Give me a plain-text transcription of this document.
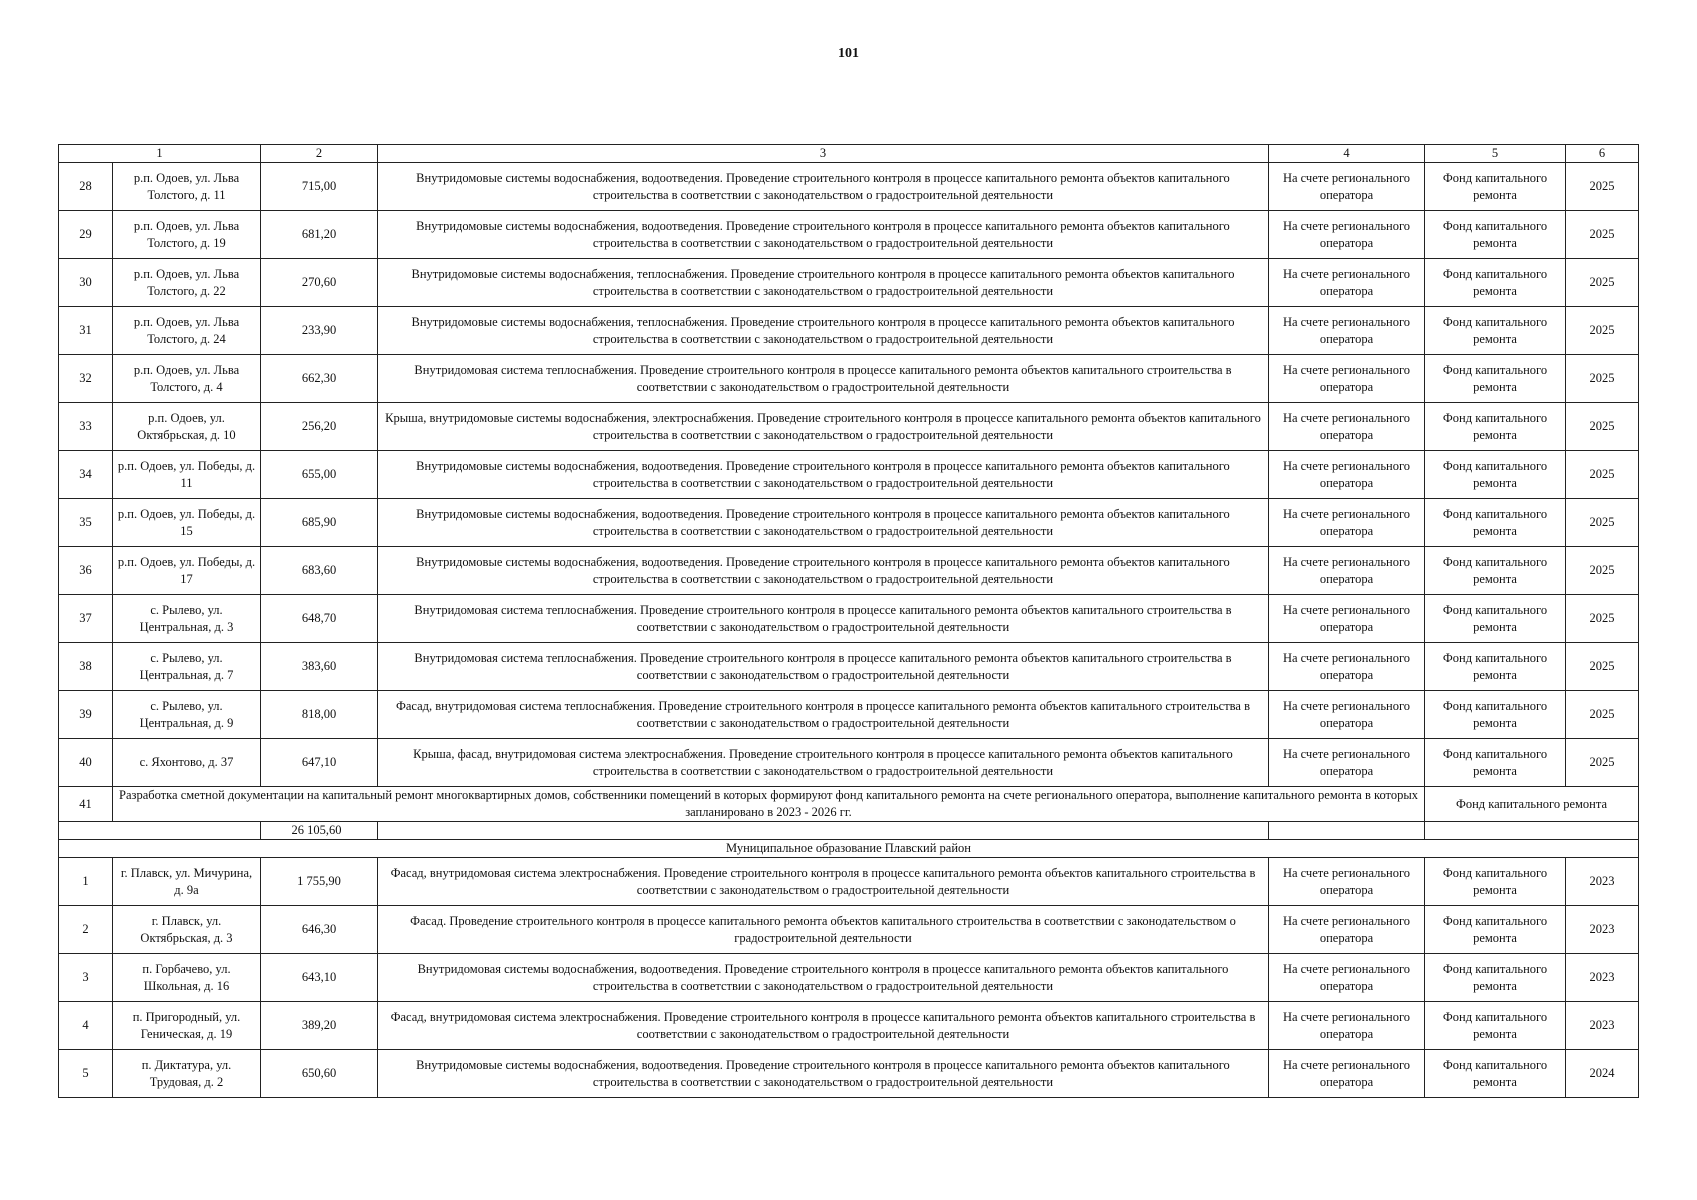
101
1		2	3	4	5	6
28	р.п. Одоев, ул. Льва Толстого, д. 11	715,00	Внутридомовые системы водоснабжения, водоотведения. Проведение строительного контроля в процессе капитального ремонта объектов капитального строительства в соответствии с законодательством о градостроительной деятельности	На счете регионального оператора	Фонд капитального ремонта	2025
29	р.п. Одоев, ул. Льва Толстого, д. 19	681,20	Внутридомовые системы водоснабжения, водоотведения. Проведение строительного контроля в процессе капитального ремонта объектов капитального строительства в соответствии с законодательством о градостроительной деятельности	На счете регионального оператора	Фонд капитального ремонта	2025
30	р.п. Одоев, ул. Льва Толстого, д. 22	270,60	Внутридомовые системы водоснабжения, теплоснабжения. Проведение строительного контроля в процессе капитального ремонта объектов капитального строительства в соответствии с законодательством о градостроительной деятельности	На счете регионального оператора	Фонд капитального ремонта	2025
31	р.п. Одоев, ул. Льва Толстого, д. 24	233,90	Внутридомовые системы водоснабжения, теплоснабжения. Проведение строительного контроля в процессе капитального ремонта объектов капитального строительства в соответствии с законодательством о градостроительной деятельности	На счете регионального оператора	Фонд капитального ремонта	2025
32	р.п. Одоев, ул. Льва Толстого, д. 4	662,30	Внутридомовая система теплоснабжения. Проведение строительного контроля в процессе капитального ремонта объектов капитального строительства в соответствии с законодательством о градостроительной деятельности	На счете регионального оператора	Фонд капитального ремонта	2025
33	р.п. Одоев, ул. Октябрьская, д. 10	256,20	Крыша, внутридомовые системы водоснабжения, электроснабжения. Проведение строительного контроля в процессе капитального ремонта объектов капитального строительства в соответствии с законодательством о градостроительной деятельности	На счете регионального оператора	Фонд капитального ремонта	2025
34	р.п. Одоев, ул. Победы, д. 11	655,00	Внутридомовые системы водоснабжения, водоотведения. Проведение строительного контроля в процессе капитального ремонта объектов капитального строительства в соответствии с законодательством о градостроительной деятельности	На счете регионального оператора	Фонд капитального ремонта	2025
35	р.п. Одоев, ул. Победы, д. 15	685,90	Внутридомовые системы водоснабжения, водоотведения. Проведение строительного контроля в процессе капитального ремонта объектов капитального строительства в соответствии с законодательством о градостроительной деятельности	На счете регионального оператора	Фонд капитального ремонта	2025
36	р.п. Одоев, ул. Победы, д. 17	683,60	Внутридомовые системы водоснабжения, водоотведения. Проведение строительного контроля в процессе капитального ремонта объектов капитального строительства в соответствии с законодательством о градостроительной деятельности	На счете регионального оператора	Фонд капитального ремонта	2025
37	с. Рылево, ул. Центральная, д. 3	648,70	Внутридомовая система теплоснабжения. Проведение строительного контроля в процессе капитального ремонта объектов капитального строительства в соответствии с законодательством о градостроительной деятельности	На счете регионального оператора	Фонд капитального ремонта	2025
38	с. Рылево, ул. Центральная, д. 7	383,60	Внутридомовая система теплоснабжения. Проведение строительного контроля в процессе капитального ремонта объектов капитального строительства в соответствии с законодательством о градостроительной деятельности	На счете регионального оператора	Фонд капитального ремонта	2025
39	с. Рылево, ул. Центральная, д. 9	818,00	Фасад, внутридомовая система теплоснабжения. Проведение строительного контроля в процессе капитального ремонта объектов капитального строительства в соответствии с законодательством о градостроительной деятельности	На счете регионального оператора	Фонд капитального ремонта	2025
40	с. Яхонтово, д. 37	647,10	Крыша, фасад, внутридомовая система электроснабжения. Проведение строительного контроля в процессе капитального ремонта объектов капитального строительства в соответствии с законодательством о градостроительной деятельности	На счете регионального оператора	Фонд капитального ремонта	2025
41	Разработка сметной документации на капитальный ремонт многоквартирных домов, собственники помещений в которых формируют фонд капитального ремонта на счете регионального оператора, выполнение капитального ремонта в которых запланировано в 2023 - 2026 гг.				Фонд капитального ремонта	
		26 105,60				
Муниципальное образование Плавский район						
1	г. Плавск, ул. Мичурина, д. 9а	1 755,90	Фасад, внутридомовая система электроснабжения. Проведение строительного контроля в процессе капитального ремонта объектов капитального строительства в соответствии с законодательством о градостроительной деятельности	На счете регионального оператора	Фонд капитального ремонта	2023
2	г. Плавск, ул. Октябрьская, д. 3	646,30	Фасад. Проведение строительного контроля в процессе капитального ремонта объектов капитального строительства в соответствии с законодательством о градостроительной деятельности	На счете регионального оператора	Фонд капитального ремонта	2023
3	п. Горбачево, ул. Школьная, д. 16	643,10	Внутридомовая системы водоснабжения, водоотведения. Проведение строительного контроля в процессе капитального ремонта объектов капитального строительства в соответствии с законодательством о градостроительной деятельности	На счете регионального оператора	Фонд капитального ремонта	2023
4	п. Пригородный, ул. Геническая, д. 19	389,20	Фасад, внутридомовая система электроснабжения. Проведение строительного контроля в процессе капитального ремонта объектов капитального строительства в соответствии с законодательством о градостроительной деятельности	На счете регионального оператора	Фонд капитального ремонта	2023
5	п. Диктатура, ул. Трудовая, д. 2	650,60	Внутридомовые системы водоснабжения, водоотведения. Проведение строительного контроля в процессе капитального ремонта объектов капитального строительства в соответствии с законодательством о градостроительной деятельности	На счете регионального оператора	Фонд капитального ремонта	2024
